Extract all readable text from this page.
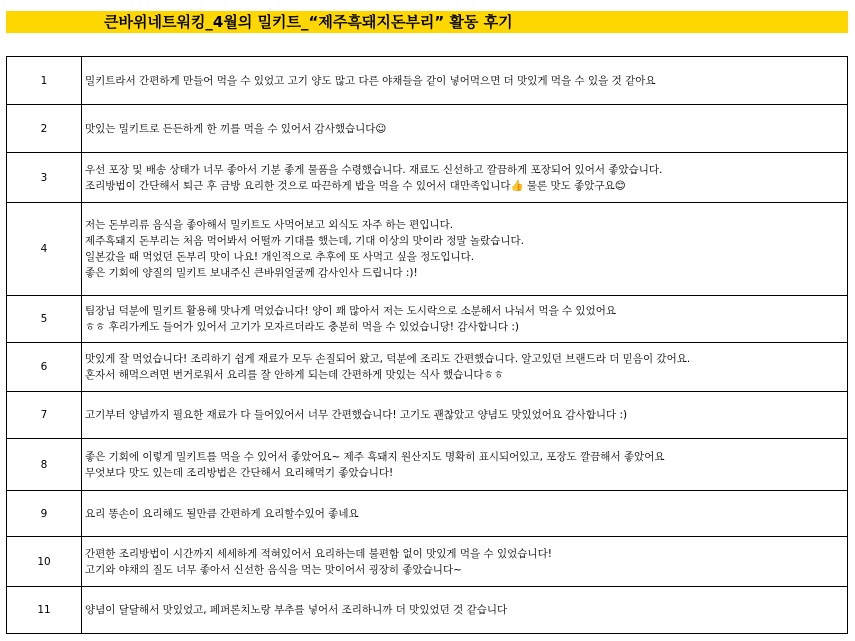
큰바위네트워킹_4월의 밀키트_“제주흑돼지돈부리” 활동 후기
1	밀키트라서 간편하게 만들어 먹을 수 있었고 고기 양도 많고 다른 야채들을 같이 넣어먹으면 더 맛있게 먹을 수 있을 것 같아요

2	맛있는 밀키트로 든든하게 한 끼를 먹을 수 있어서 감사했습니다☺

3	우선 포장 및 배송 상태가 너무 좋아서 기분 좋게 물품을 수령했습니다. 재료도 신선하고 깔끔하게 포장되어 있어서 좋았습니다.
조리방법이 간단해서 퇴근 후 금방 요리한 것으로 따끈하게 밥을 먹을 수 있어서 대만족입니다👍 물론 맛도 좋았구요😊

4	저는 돈부리류 음식을 좋아해서 밀키트도 사먹어보고 외식도 자주 하는 편입니다.
제주흑돼지 돈부리는 처음 먹어봐서 어떨까 기대를 했는데, 기대 이상의 맛이라 정말 놀랐습니다.
일본갔을 때 먹었던 돈부리 맛이 나요! 개인적으로 추후에 또 사먹고 싶을 정도입니다.
좋은 기회에 양질의 밀키트 보내주신 큰바위얼굴께 감사인사 드립니다 :)!

5	팀장님 덕분에 밀키트 활용해 맛나게 먹었습니다! 양이 꽤 많아서 저는 도시락으로 소분해서 나눠서 먹을 수 있었어요
ㅎㅎ 후리가케도 들어가 있어서 고기가 모자르더라도 충분히 먹을 수 있었습니당! 감사합니다 :)

6	맛있게 잘 먹었습니다! 조리하기 쉽게 재료가 모두 손질되어 왔고, 덕분에 조리도 간편했습니다. 알고있던 브랜드라 더 믿음이 갔어요.
혼자서 해먹으려면 번거로워서 요리를 잘 안하게 되는데 간편하게 맛있는 식사 했습니다ㅎㅎ

7	고기부터 양념까지 필요한 재료가 다 들어있어서 너무 간편했습니다! 고기도 괜찮았고 양념도 맛있었어요 감사합니다 :)

8	좋은 기회에 이렇게 밀키트를 먹을 수 있어서 좋았어요~ 제주 흑돼지 원산지도 명확히 표시되어있고, 포장도 깔끔해서 좋았어요
무엇보다 맛도 있는데 조리방법은 간단해서 요리해먹기 좋았습니다!

9	요리 똥손이 요리해도 될만큼 간편하게 요리할수있어 좋네요

10	간편한 조리방법이 시간까지 세세하게 적혀있어서 요리하는데 불편함 없이 맛있게 먹을 수 있었습니다!
고기와 야채의 질도 너무 좋아서 신선한 음식을 먹는 맛이어서 굉장히 좋았습니다~

11	양념이 달달해서 맛있었고, 페퍼론치노랑 부추를 넣어서 조리하니까 더 맛있었던 것 같습니다
